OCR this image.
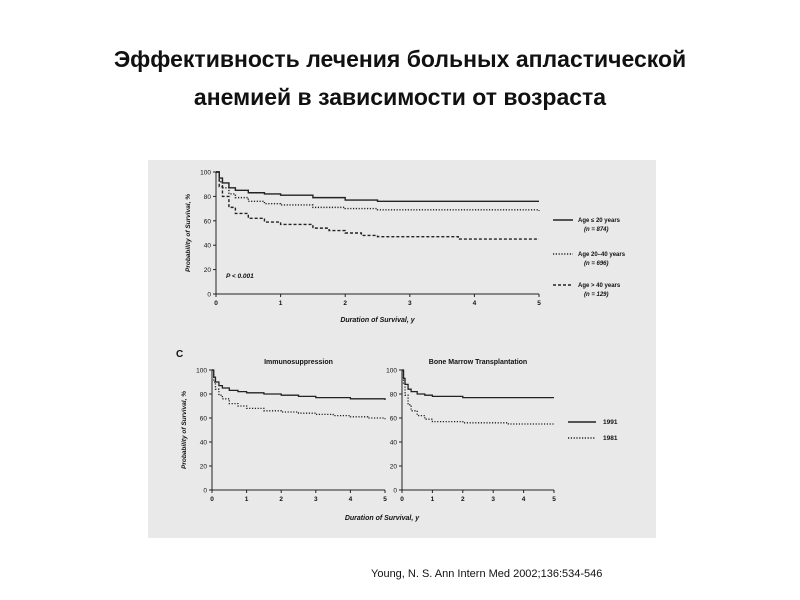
Эффективность лечения больных апластической
анемией в зависимости от возраста
0
20
40
60
80
100
0	1	2	3	4	5
Probability of Survival, %
Duration of Survival, y
P < 0.001
Age ≤ 20 years
(n = 874)
Age 20–40 years
(n = 696)
Age > 40 years
(n = 129)
0
20
40
60
80
100
0	1	2	3	4	5
Immunosuppression
C
Probability of Survival, %
Duration of Survival, y
0
20
40
60
80
100
0	1	2	3	4	5
Bone Marrow Transplantation
1991
1981
Young, N. S. Ann Intern Med 2002;136:534-546
